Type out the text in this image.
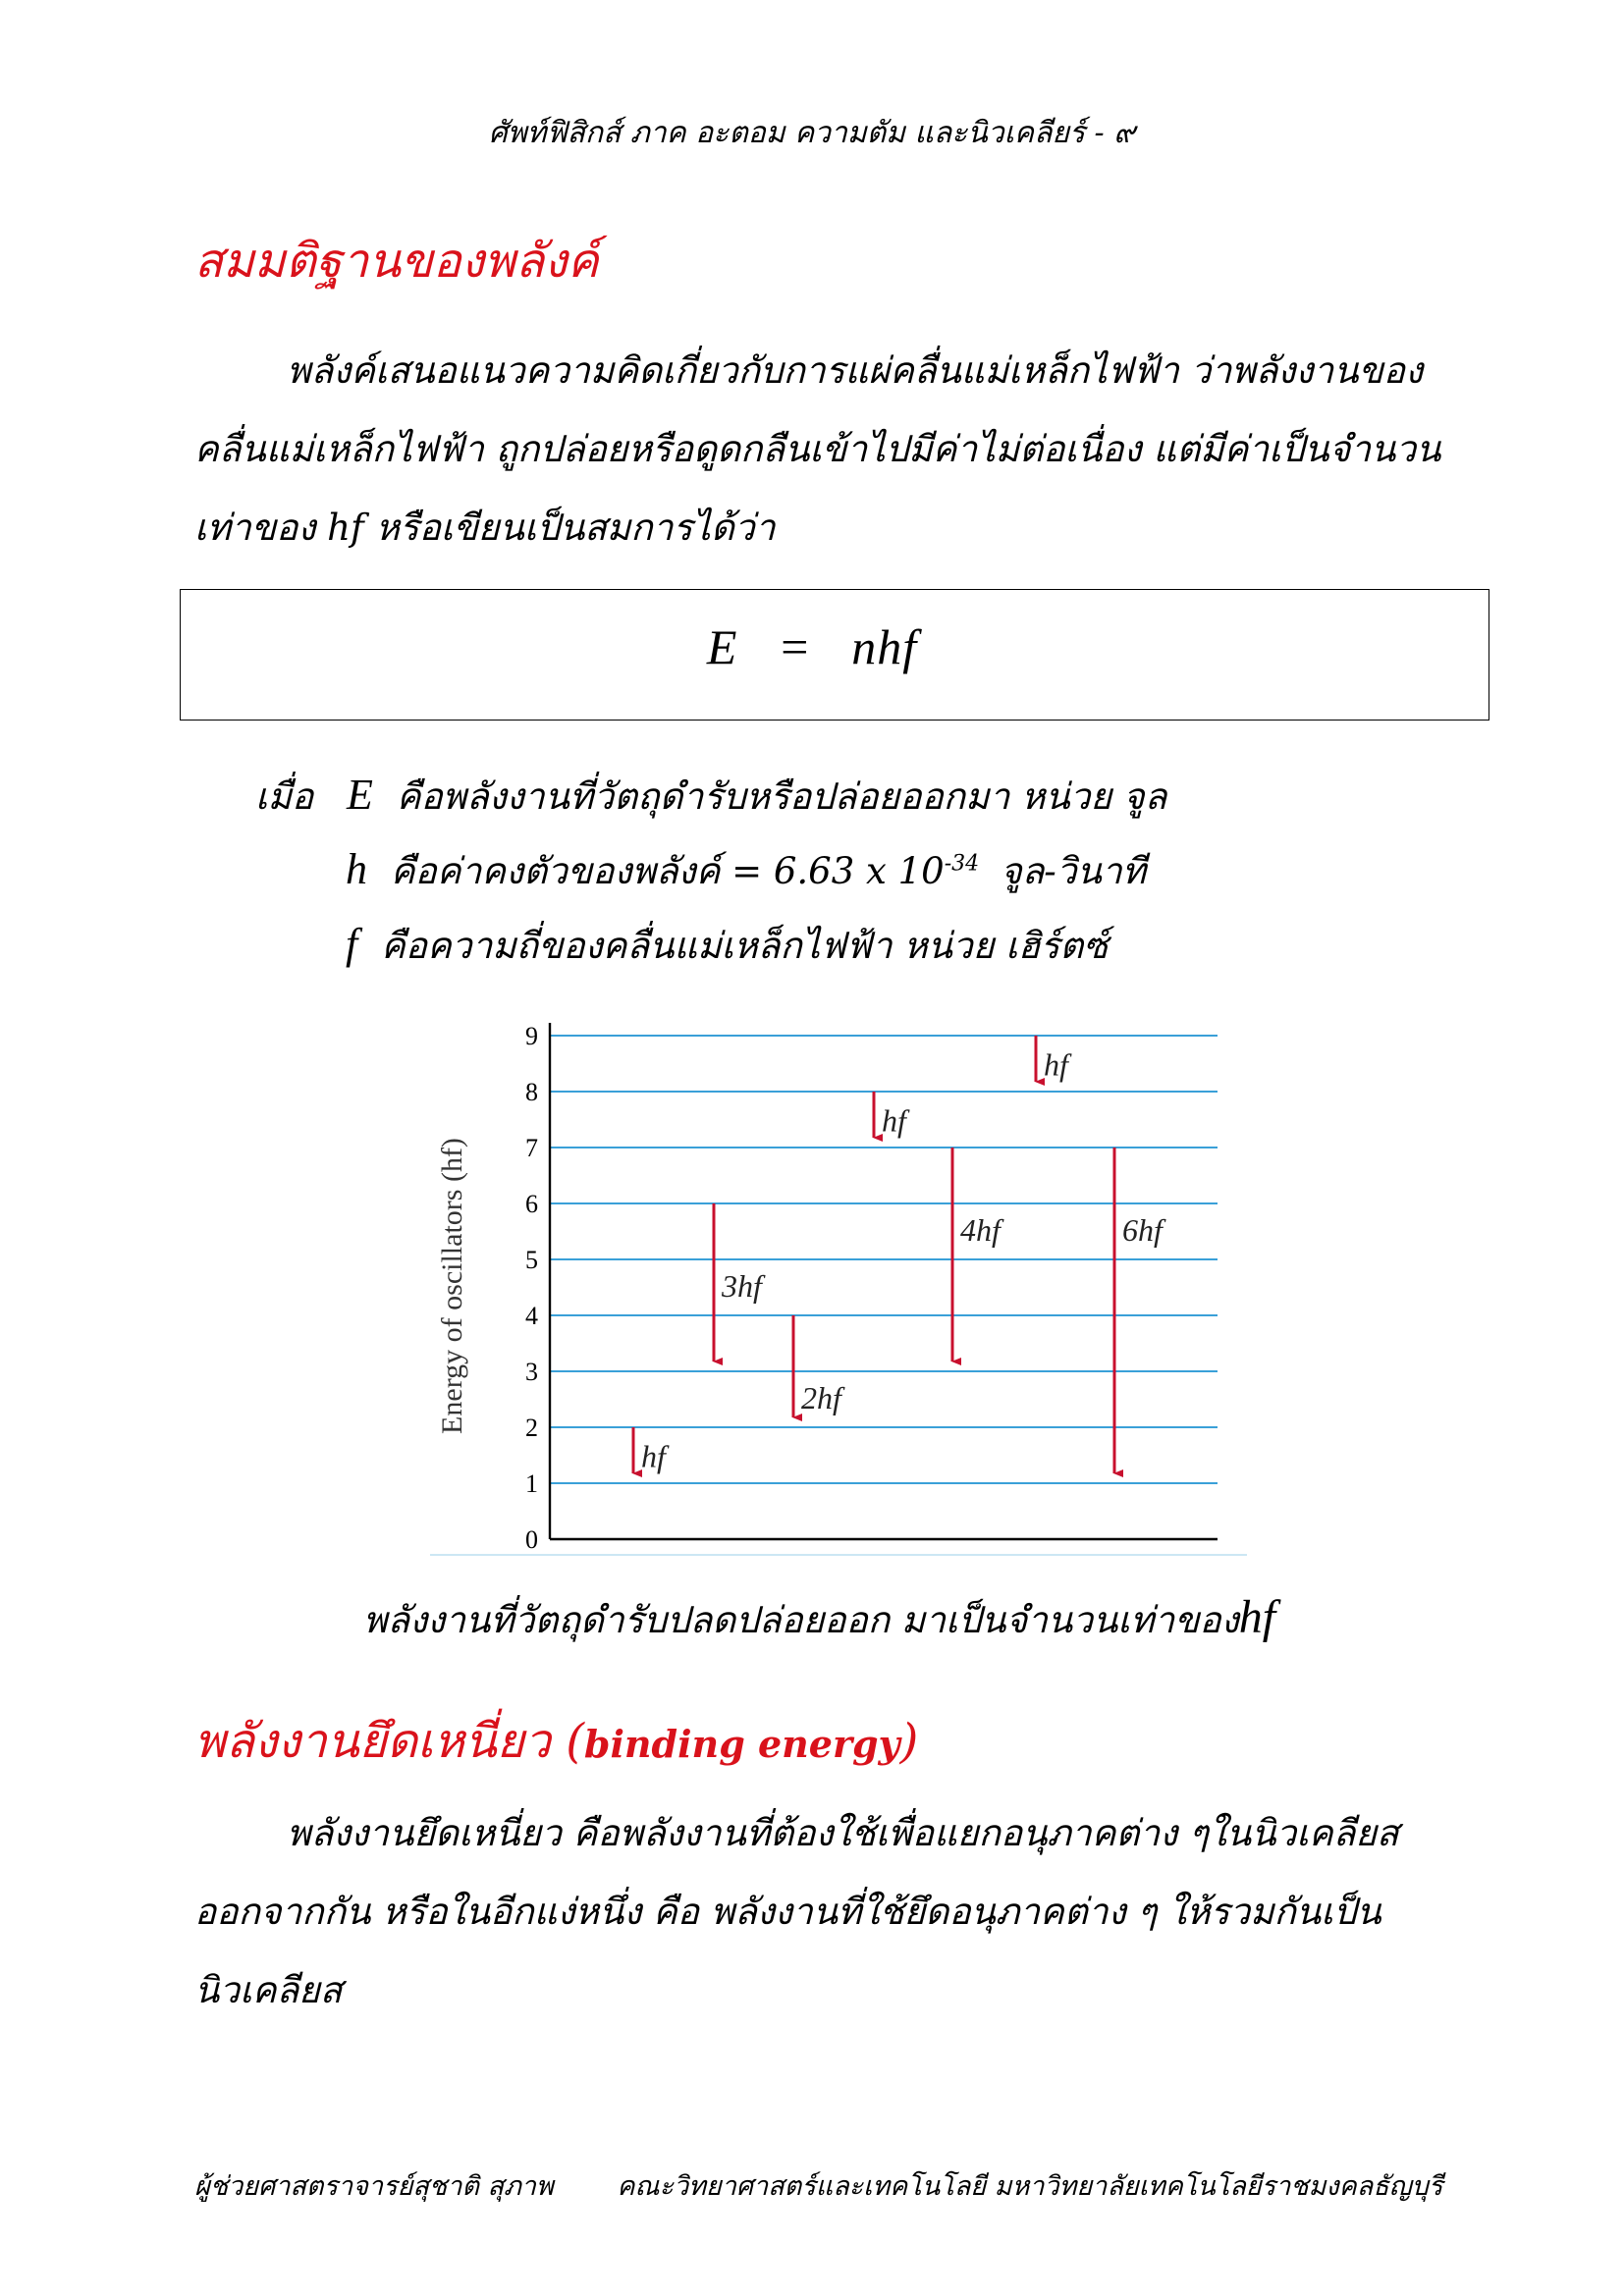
ศัพท์ฟิสิกส์ ภาค อะตอม ความตัม และนิวเคลียร์ - ๙
สมมติฐานของพลังค์
พลังค์เสนอแนวความคิดเกี่ยวกับการแผ่คลื่นแม่เหล็กไฟฟ้า ว่าพลังงานของ
คลื่นแม่เหล็กไฟฟ้า ถูกปล่อยหรือดูดกลืนเข้าไปมีค่าไม่ต่อเนื่อง แต่มีค่าเป็นจำนวน
เท่าของ hf หรือเขียนเป็นสมการได้ว่า
E   =   nhf
เมื่อ E คือพลังงานที่วัตถุดำรับหรือปล่อยออกมา หน่วย จูล
h คือค่าคงตัวของพลังค์ = 6.63 x $10^{-34}$ จูล-วินาที
f คือความถี่ของคลื่นแม่เหล็กไฟฟ้า หน่วย เฮิร์ตซ์
0
1
2
3
4
5
6
7
8
9
hf
3hf
2hf
hf
4hf
hf
6hf
Energy of oscillators (hf)
พลังงานที่วัตถุดำรับปลดปล่อยออก มาเป็นจำนวนเท่าของhf
พลังงานยึดเหนี่ยว (binding energy)
พลังงานยึดเหนี่ยว คือพลังงานที่ต้องใช้เพื่อแยกอนุภาคต่าง ๆในนิวเคลียส
ออกจากกัน หรือในอีกแง่หนึ่ง คือ พลังงานที่ใช้ยึดอนุภาคต่าง ๆ ให้รวมกันเป็น
นิวเคลียส
ผู้ช่วยศาสตราจารย์สุชาติ สุภาพ คณะวิทยาศาสตร์และเทคโนโลยี มหาวิทยาลัยเทคโนโลยีราชมงคลธัญบุรี
